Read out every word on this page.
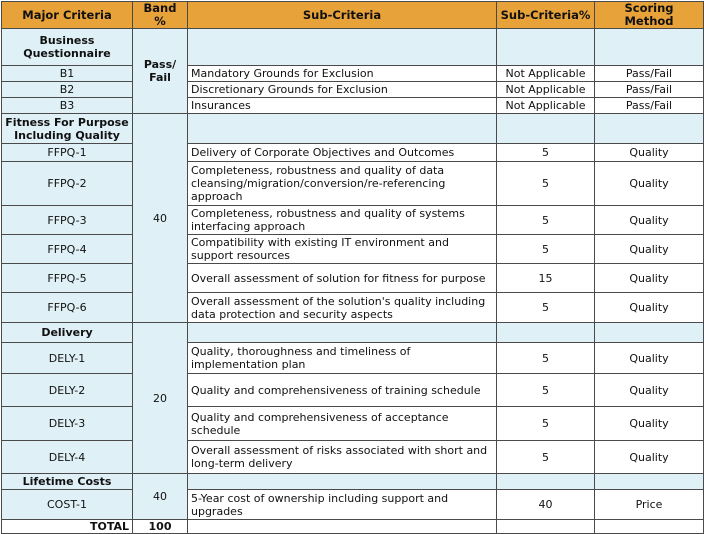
Major Criteria	Band %	Sub-Criteria	Sub-Criteria%	Scoring Method
Business Questionnaire	Pass/ Fail			
B1		Mandatory Grounds for Exclusion	Not Applicable	Pass/Fail
B2		Discretionary Grounds for Exclusion	Not Applicable	Pass/Fail
B3		Insurances	Not Applicable	Pass/Fail
Fitness For Purpose Including Quality	40			
FFPQ-1		Delivery of Corporate Objectives and Outcomes	5	Quality
FFPQ-2		Completeness, robustness and quality of data cleansing/migration/conversion/re-referencing approach	5	Quality
FFPQ-3		Completeness, robustness and quality of systems interfacing approach	5	Quality
FFPQ-4		Compatibility with existing IT environment and support resources	5	Quality
FFPQ-5		Overall assessment of solution for fitness for purpose	15	Quality
FFPQ-6		Overall assessment of the solution's quality including data protection and security aspects	5	Quality
Delivery	20			
DELY-1		Quality, thoroughness and timeliness of implementation plan	5	Quality
DELY-2		Quality and comprehensiveness of training schedule	5	Quality
DELY-3		Quality and comprehensiveness of acceptance schedule	5	Quality
DELY-4		Overall assessment of risks associated with short and long-term delivery	5	Quality
Lifetime Costs	40			
COST-1		5-Year cost of ownership including support and upgrades	40	Price
TOTAL	100			
